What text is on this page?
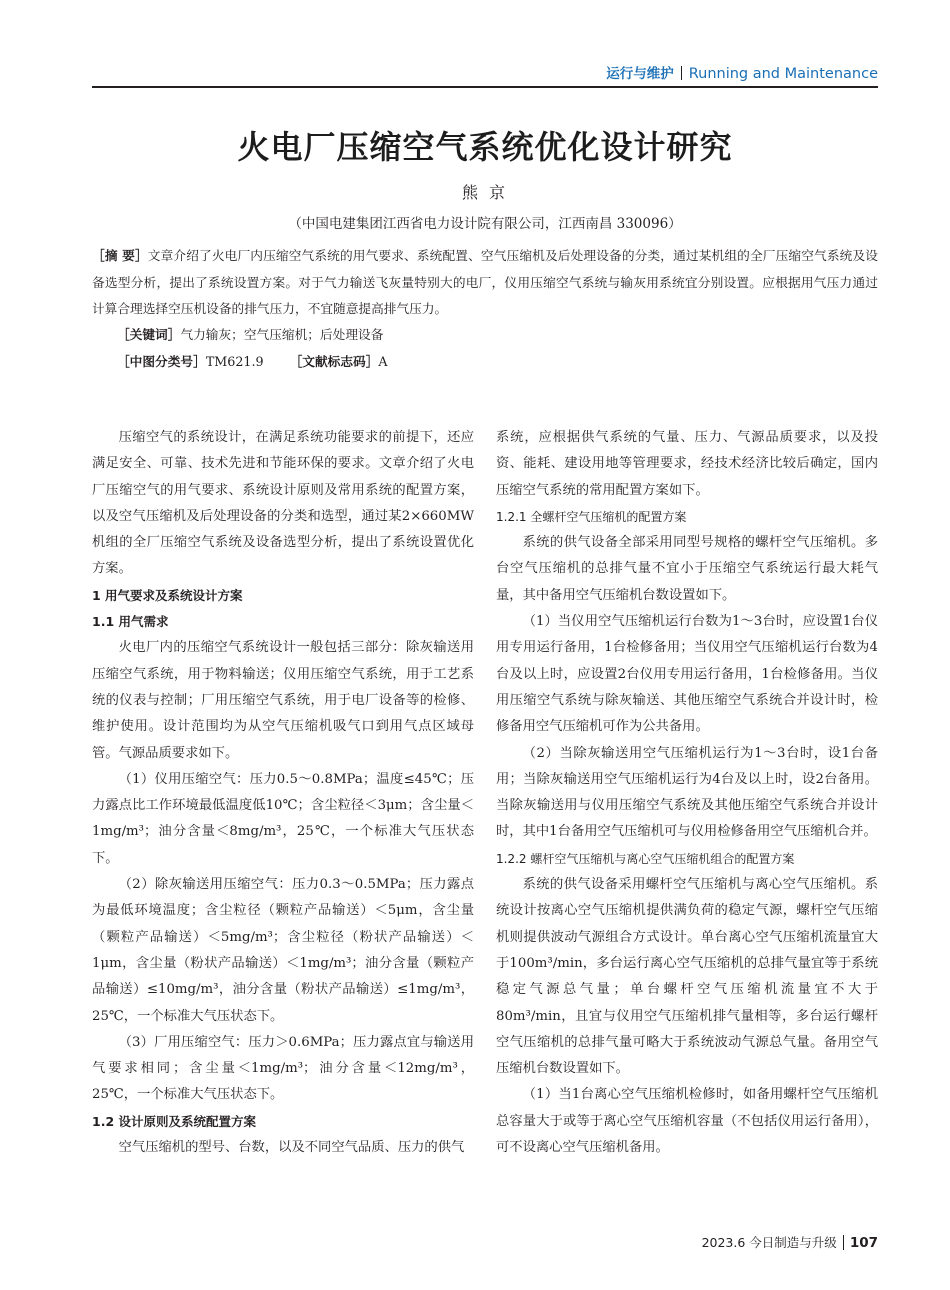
运行与维护 Running and Maintenance
火电厂压缩空气系统优化设计研究
熊 京
（中国电建集团江西省电力设计院有限公司，江西南昌 330096）
［摘 要］文章介绍了火电厂内压缩空气系统的用气要求、系统配置、空气压缩机及后处理设备的分类，通过某机组的全厂压缩空气系统及设备选型分析，提出了系统设置方案。对于气力输送飞灰量特别大的电厂，仪用压缩空气系统与输灰用系统宜分别设置。应根据用气压力通过计算合理选择空压机设备的排气压力，不宜随意提高排气压力。
［关键词］气力输灰；空气压缩机；后处理设备
［中图分类号］TM621.9 ［文献标志码］A

压缩空气的系统设计，在满足系统功能要求的前提下，还应满足安全、可靠、技术先进和节能环保的要求。文章介绍了火电厂压缩空气的用气要求、系统设计原则及常用系统的配置方案，以及空气压缩机及后处理设备的分类和选型，通过某2×660MW机组的全厂压缩空气系统及设备选型分析，提出了系统设置优化方案。

1 用气要求及系统设计方案
1.1 用气需求

火电厂内的压缩空气系统设计一般包括三部分：除灰输送用压缩空气系统，用于物料输送；仪用压缩空气系统，用于工艺系统的仪表与控制；厂用压缩空气系统，用于电厂设备等的检修、维护使用。设计范围均为从空气压缩机吸气口到用气点区域母管。气源品质要求如下。

（1）仪用压缩空气：压力0.5～0.8MPa；温度≤45℃；压力露点比工作环境最低温度低10℃；含尘粒径＜3μm；含尘量＜1mg/m³；油分含量＜8mg/m³，25℃，一个标准大气压状态下。

（2）除灰输送用压缩空气：压力0.3～0.5MPa；压力露点为最低环境温度；含尘粒径（颗粒产品输送）＜5μm，含尘量（颗粒产品输送）＜5mg/m³；含尘粒径（粉状产品输送）＜1μm，含尘量（粉状产品输送）＜1mg/m³；油分含量（颗粒产品输送）≤10mg/m³，油分含量（粉状产品输送）≤1mg/m³，25℃，一个标准大气压状态下。

（3）厂用压缩空气：压力＞0.6MPa；压力露点宜与输送用气要求相同；含尘量＜1mg/m³；油分含量＜12mg/m³，25℃，一个标准大气压状态下。

1.2 设计原则及系统配置方案

空气压缩机的型号、台数，以及不同空气品质、压力的供气

系统，应根据供气系统的气量、压力、气源品质要求，以及投资、能耗、建设用地等管理要求，经技术经济比较后确定，国内压缩空气系统的常用配置方案如下。

1.2.1 全螺杆空气压缩机的配置方案

系统的供气设备全部采用同型号规格的螺杆空气压缩机。多台空气压缩机的总排气量不宜小于压缩空气系统运行最大耗气量，其中备用空气压缩机台数设置如下。

（1）当仪用空气压缩机运行台数为1～3台时，应设置1台仪用专用运行备用，1台检修备用；当仪用空气压缩机运行台数为4台及以上时，应设置2台仪用专用运行备用，1台检修备用。当仪用压缩空气系统与除灰输送、其他压缩空气系统合并设计时，检修备用空气压缩机可作为公共备用。

（2）当除灰输送用空气压缩机运行为1～3台时，设1台备用；当除灰输送用空气压缩机运行为4台及以上时，设2台备用。当除灰输送用与仪用压缩空气系统及其他压缩空气系统合并设计时，其中1台备用空气压缩机可与仪用检修备用空气压缩机合并。

1.2.2 螺杆空气压缩机与离心空气压缩机组合的配置方案

系统的供气设备采用螺杆空气压缩机与离心空气压缩机。系统设计按离心空气压缩机提供满负荷的稳定气源，螺杆空气压缩机则提供波动气源组合方式设计。单台离心空气压缩机流量宜大于100m³/min，多台运行离心空气压缩机的总排气量宜等于系统稳定气源总气量；单台螺杆空气压缩机流量宜不大于80m³/min，且宜与仪用空气压缩机排气量相等，多台运行螺杆空气压缩机的总排气量可略大于系统波动气源总气量。备用空气压缩机台数设置如下。

（1）当1台离心空气压缩机检修时，如备用螺杆空气压缩机总容量大于或等于离心空气压缩机容量（不包括仪用运行备用），可不设离心空气压缩机备用。

2023.6 今日制造与升级 107
